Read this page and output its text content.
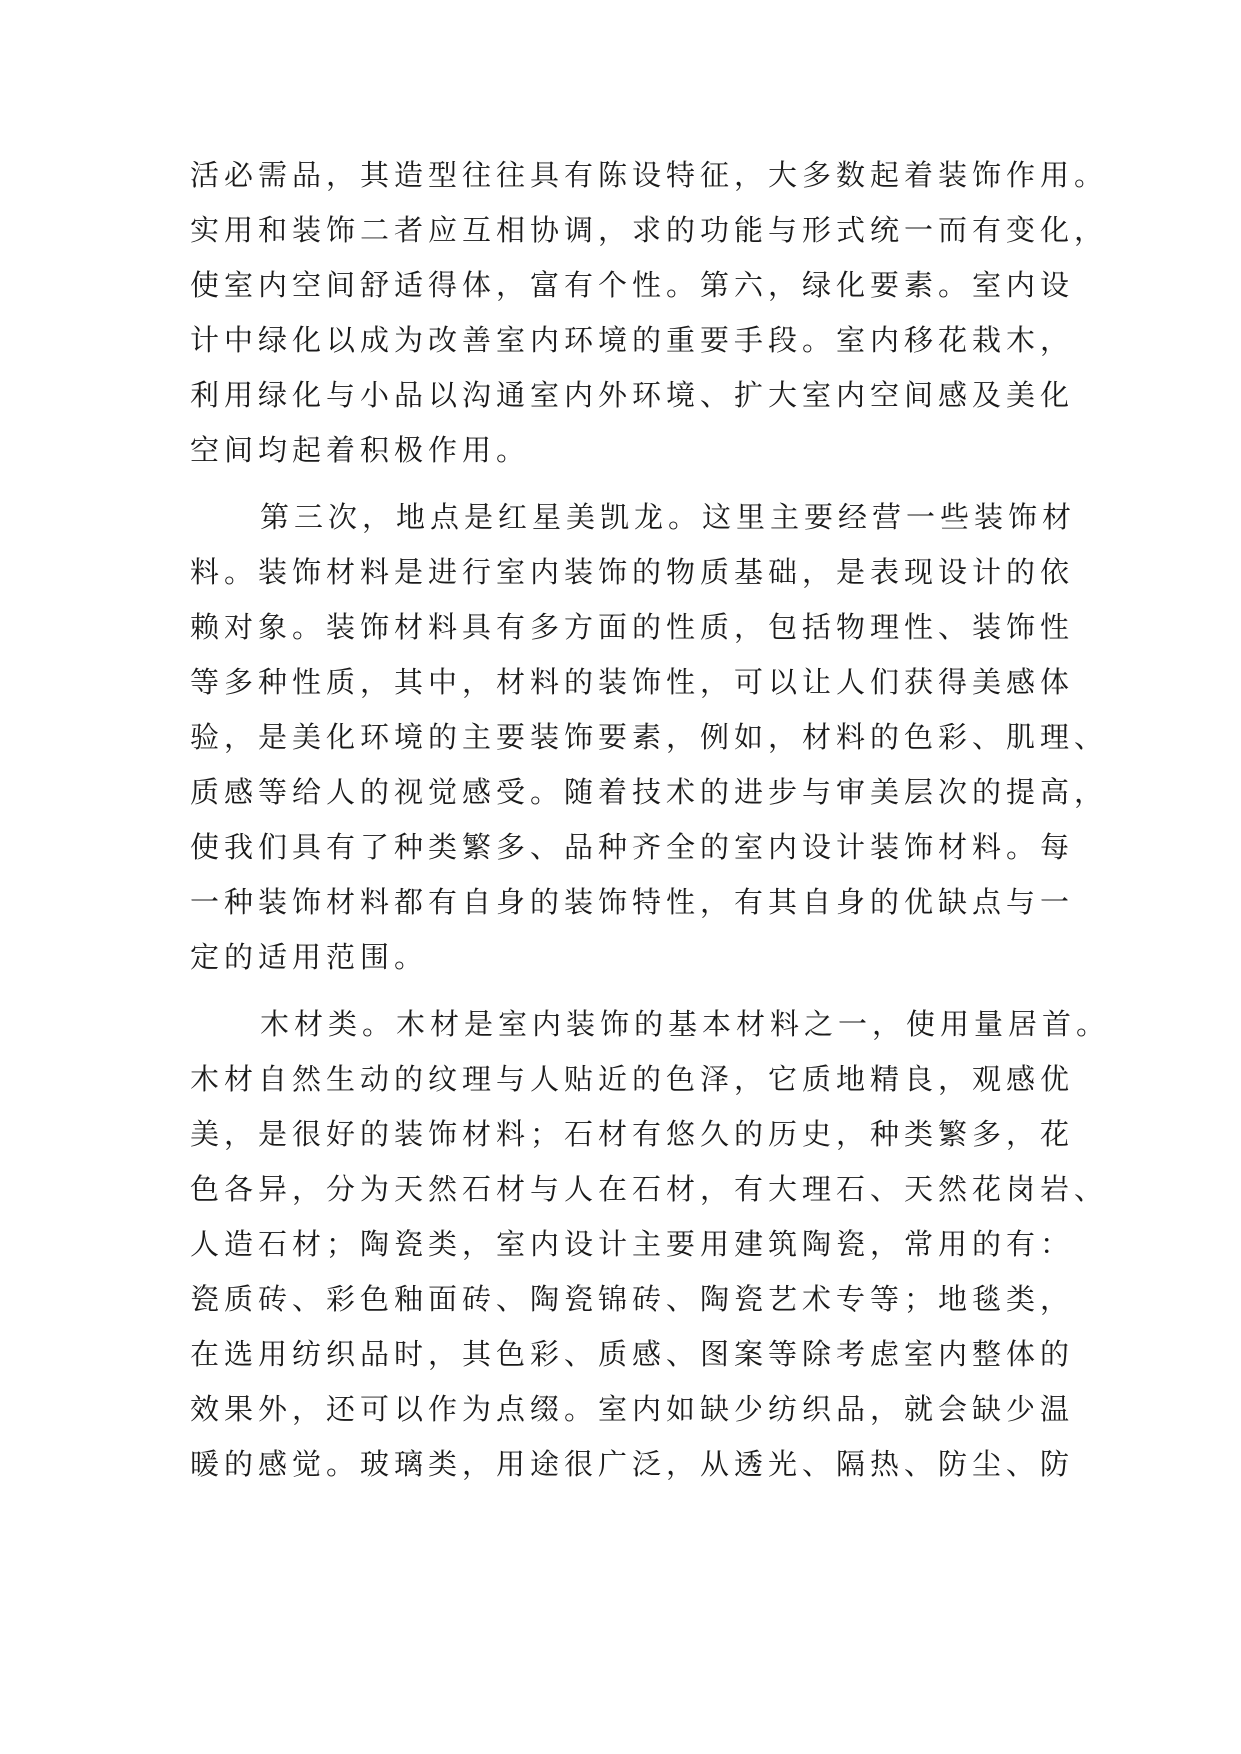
活必需品，其造型往往具有陈设特征，大多数起着装饰作用。
实用和装饰二者应互相协调，求的功能与形式统一而有变化，
使室内空间舒适得体，富有个性。第六，绿化要素。室内设
计中绿化以成为改善室内环境的重要手段。室内移花栽木，
利用绿化与小品以沟通室内外环境、扩大室内空间感及美化
空间均起着积极作用。
第三次，地点是红星美凯龙。这里主要经营一些装饰材
料。装饰材料是进行室内装饰的物质基础，是表现设计的依
赖对象。装饰材料具有多方面的性质，包括物理性、装饰性
等多种性质，其中，材料的装饰性，可以让人们获得美感体
验，是美化环境的主要装饰要素，例如，材料的色彩、肌理、
质感等给人的视觉感受。随着技术的进步与审美层次的提高，
使我们具有了种类繁多、品种齐全的室内设计装饰材料。每
一种装饰材料都有自身的装饰特性，有其自身的优缺点与一
定的适用范围。
木材类。木材是室内装饰的基本材料之一，使用量居首。
木材自然生动的纹理与人贴近的色泽，它质地精良，观感优
美，是很好的装饰材料；石材有悠久的历史，种类繁多，花
色各异，分为天然石材与人在石材，有大理石、天然花岗岩、
人造石材；陶瓷类，室内设计主要用建筑陶瓷，常用的有：
瓷质砖、彩色釉面砖、陶瓷锦砖、陶瓷艺术专等；地毯类，
在选用纺织品时，其色彩、质感、图案等除考虑室内整体的
效果外，还可以作为点缀。室内如缺少纺织品，就会缺少温
暖的感觉。玻璃类，用途很广泛，从透光、隔热、防尘、防
